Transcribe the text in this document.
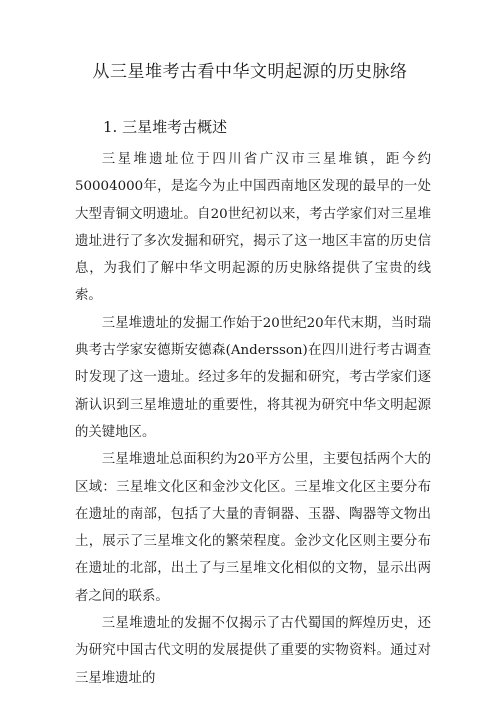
从三星堆考古看中华文明起源的历史脉络
1. 三星堆考古概述

三星堆遗址位于四川省广汉市三星堆镇，距今约50004000年，是迄今为止中国西南地区发现的最早的一处大型青铜文明遗址。自20世纪初以来，考古学家们对三星堆遗址进行了多次发掘和研究，揭示了这一地区丰富的历史信息，为我们了解中华文明起源的历史脉络提供了宝贵的线索。

三星堆遗址的发掘工作始于20世纪20年代末期，当时瑞典考古学家安德斯安德森(Andersson)在四川进行考古调查时发现了这一遗址。经过多年的发掘和研究，考古学家们逐渐认识到三星堆遗址的重要性，将其视为研究中华文明起源的关键地区。

三星堆遗址总面积约为20平方公里，主要包括两个大的区域：三星堆文化区和金沙文化区。三星堆文化区主要分布在遗址的南部，包括了大量的青铜器、玉器、陶器等文物出土，展示了三星堆文化的繁荣程度。金沙文化区则主要分布在遗址的北部，出土了与三星堆文化相似的文物，显示出两者之间的联系。

三星堆遗址的发掘不仅揭示了古代蜀国的辉煌历史，还为研究中国古代文明的发展提供了重要的实物资料。通过对三星堆遗址的
